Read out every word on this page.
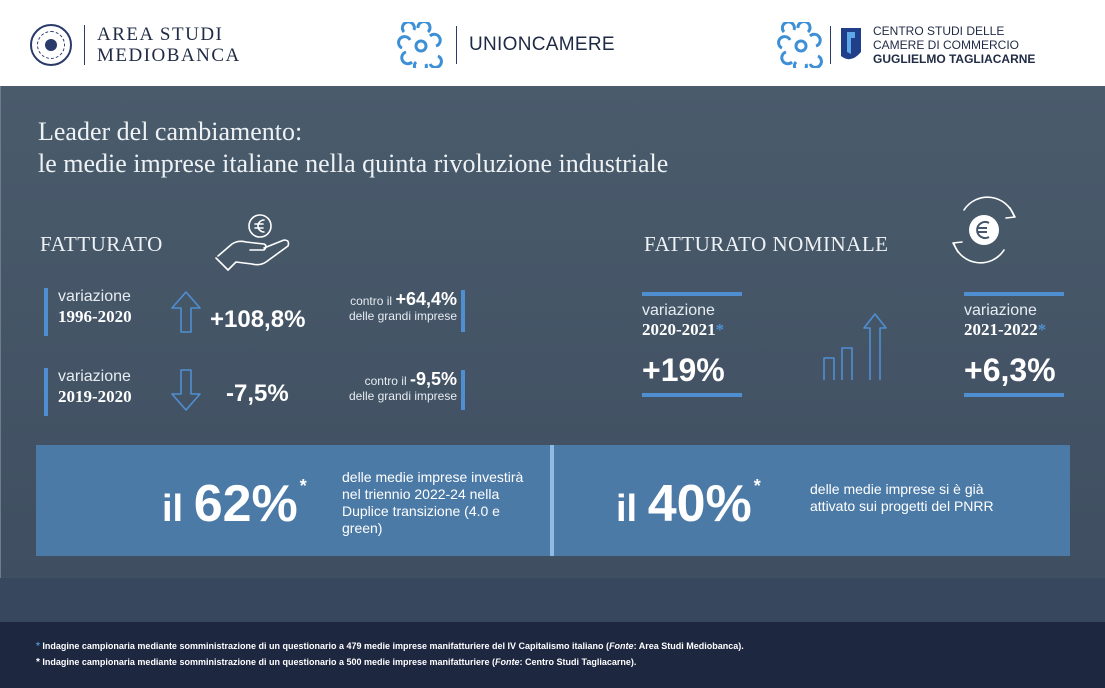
AREA STUDI
MEDIOBANCA
UNIONCAMERE
CENTRO STUDI DELLE
CAMERE DI COMMERCIO
GUGLIELMO TAGLIACARNE
Leader del cambiamento:
le medie imprese italiane nella quinta rivoluzione industriale
FATTURATO
variazione
1996-2020	+108,8%
contro il +64,4%
delle grandi imprese
variazione
2019-2020	-7,5%	contro il -9,5%
delle grandi imprese
FATTURATO NOMINALE
variazione
2020-2021*
+19%
variazione
2021-2022*
+6,3%
il 62% *	delle medie imprese investirà nel triennio 2022-24 nella Duplice transizione (4.0 e green)	il 40% *	delle medie imprese si è già attivato sui progetti del PNRR
* Indagine campionaria mediante somministrazione di un questionario a 479 medie imprese manifatturiere del IV Capitalismo italiano (Fonte: Area Studi Mediobanca).
* Indagine campionaria mediante somministrazione di un questionario a 500 medie imprese manifatturiere (Fonte: Centro Studi Tagliacarne).
